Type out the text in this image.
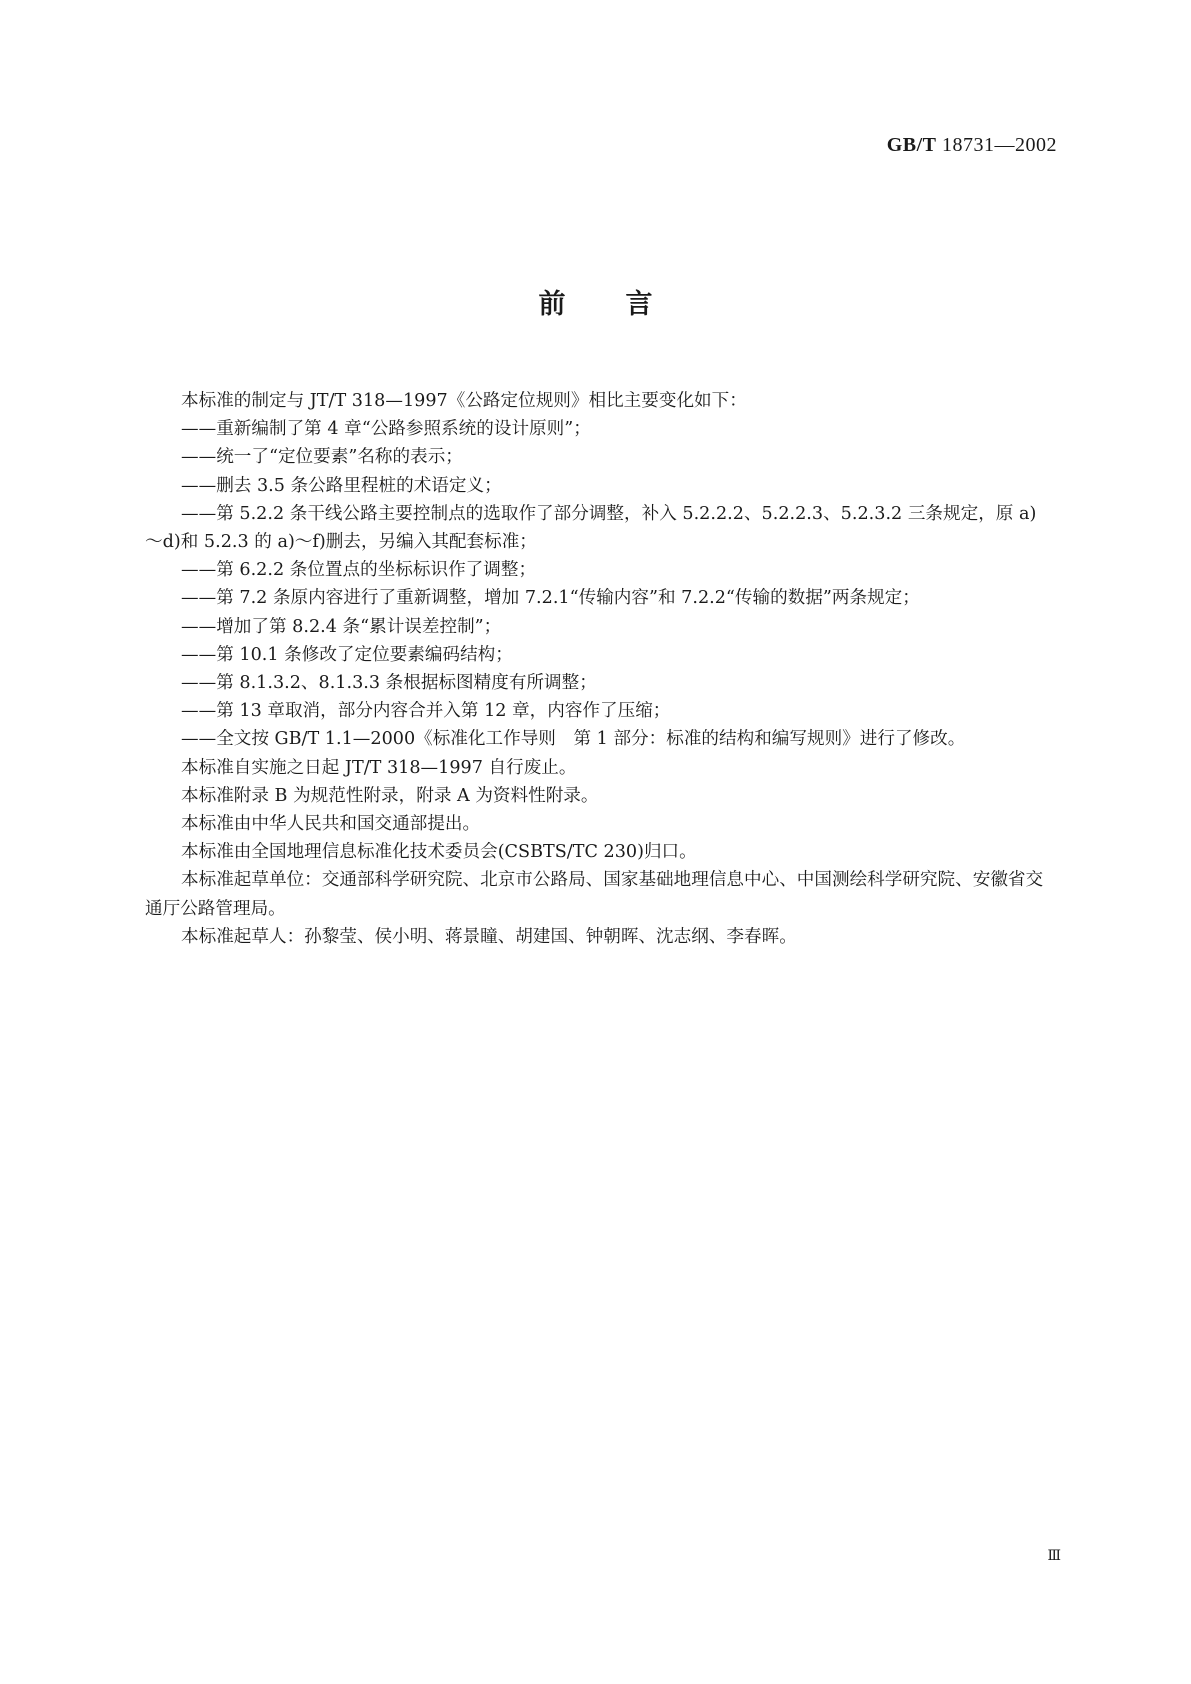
GB/T 18731—2002
前言

本标准的制定与 JT/T 318—1997《公路定位规则》相比主要变化如下：

——重新编制了第 4 章“公路参照系统的设计原则”；

——统一了“定位要素”名称的表示；

——删去 3.5 条公路里程桩的术语定义；

——第 5.2.2 条干线公路主要控制点的选取作了部分调整，补入 5.2.2.2、5.2.2.3、5.2.3.2 三条规定，原 a)～d)和 5.2.3 的 a)～f)删去，另编入其配套标准；

——第 6.2.2 条位置点的坐标标识作了调整；

——第 7.2 条原内容进行了重新调整，增加 7.2.1“传输内容”和 7.2.2“传输的数据”两条规定；

——增加了第 8.2.4 条“累计误差控制”；

——第 10.1 条修改了定位要素编码结构；

——第 8.1.3.2、8.1.3.3 条根据标图精度有所调整；

——第 13 章取消，部分内容合并入第 12 章，内容作了压缩；

——全文按 GB/T 1.1—2000《标准化工作导则　第 1 部分：标准的结构和编写规则》进行了修改。

本标准自实施之日起 JT/T 318—1997 自行废止。

本标准附录 B 为规范性附录，附录 A 为资料性附录。

本标准由中华人民共和国交通部提出。

本标准由全国地理信息标准化技术委员会(CSBTS/TC 230)归口。

本标准起草单位：交通部科学研究院、北京市公路局、国家基础地理信息中心、中国测绘科学研究院、安徽省交通厅公路管理局。

本标准起草人：孙黎莹、侯小明、蒋景瞳、胡建国、钟朝晖、沈志纲、李春晖。

Ⅲ
